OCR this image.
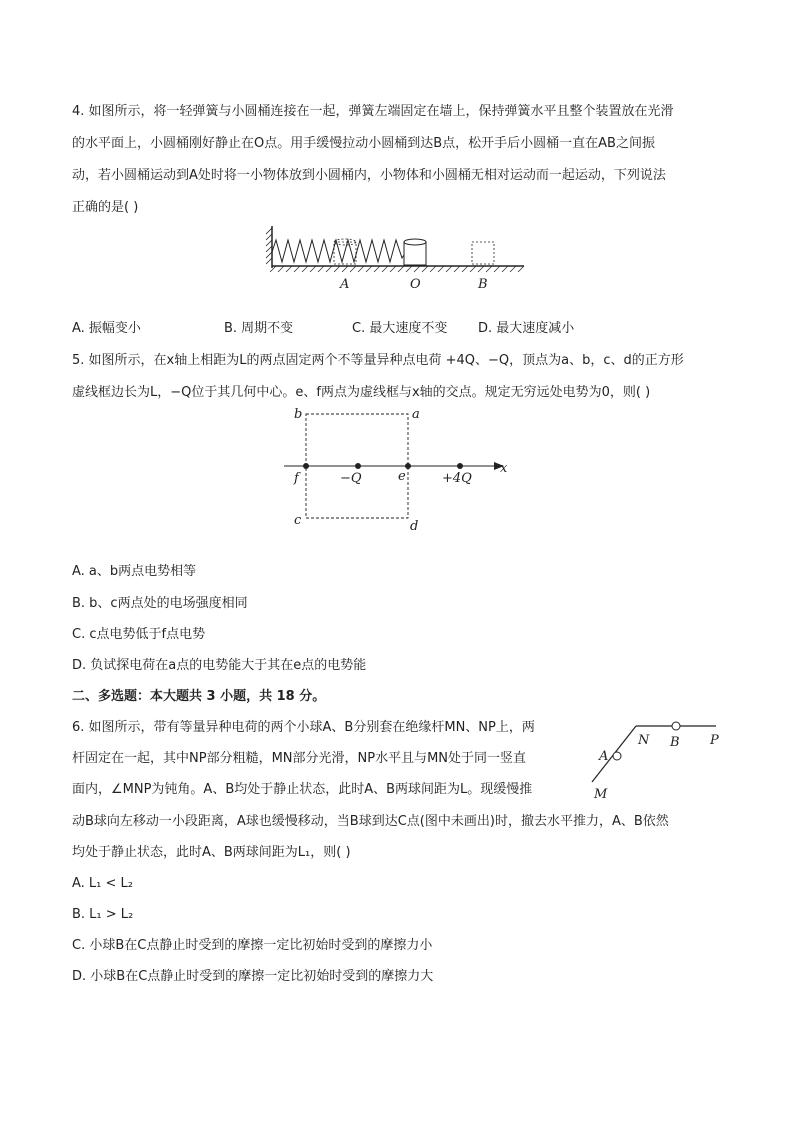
4. 如图所示，将一轻弹簧与小圆桶连接在一起，弹簧左端固定在墙上，保持弹簧水平且整个装置放在光滑
的水平面上，小圆桶刚好静止在O点。用手缓慢拉动小圆桶到达B点，松开手后小圆桶一直在AB之间振
动，若小圆桶运动到A处时将一小物体放到小圆桶内，小物体和小圆桶无相对运动而一起运动，下列说法
正确的是( )
A	O	B
A. 振幅变小	B. 周期不变	C. 最大速度不变 D. 最大速度减小
5. 如图所示，在x轴上相距为L的两点固定两个不等量异种点电荷 +4Q、−Q，顶点为a、b，c、d的正方形
虚线框边长为L，−Q位于其几何中心。e、f两点为虚线框与x轴的交点。规定无穷远处电势为0，则( )
b	a
c	d
f	e
−Q	+4Q
x
A. a、b两点电势相等
B. b、c两点处的电场强度相同
C. c点电势低于f点电势
D. 负试探电荷在a点的电势能大于其在e点的电势能
二、多选题：本大题共 3 小题，共 18 分。
6. 如图所示，带有等量异种电荷的两个小球A、B分别套在绝缘杆MN、NP上，两
杆固定在一起，其中NP部分粗糙，MN部分光滑，NP水平且与MN处于同一竖直
面内，∠MNP为钝角。A、B均处于静止状态，此时A、B两球间距为L。现缓慢推
动B球向左移动一小段距离，A球也缓慢移动，当B球到达C点(图中未画出)时，撤去水平推力，A、B依然
均处于静止状态，此时A、B两球间距为L₁，则( )
N B P
A
M
A. L₁ < L₂
B. L₁ > L₂
C. 小球B在C点静止时受到的摩擦一定比初始时受到的摩擦力小
D. 小球B在C点静止时受到的摩擦一定比初始时受到的摩擦力大
